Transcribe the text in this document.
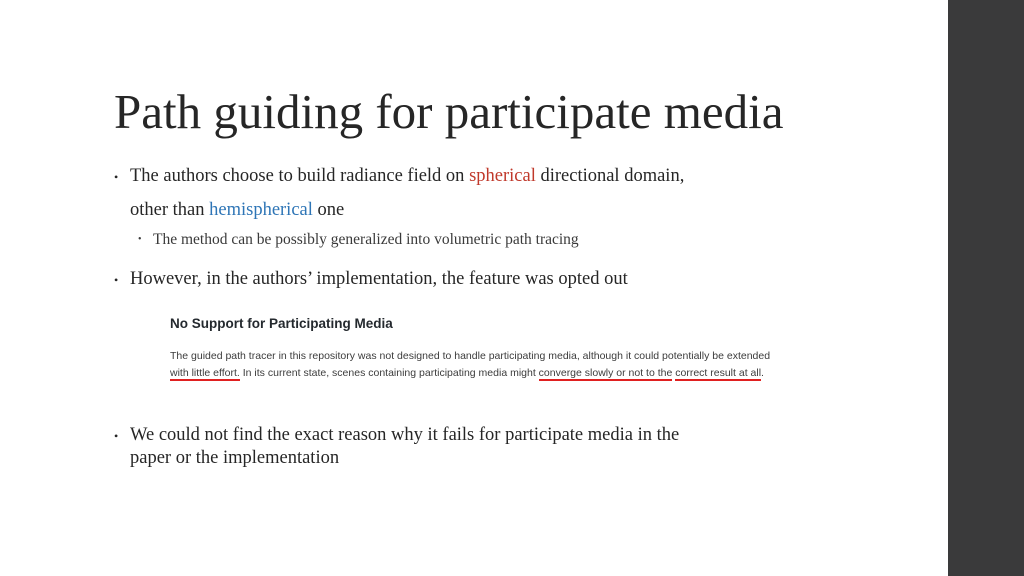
Path guiding for participate media
• The authors choose to build radiance field on spherical directional domain,
other than hemispherical one
• The method can be possibly generalized into volumetric path tracing
• However, in the authors’ implementation, the feature was opted out
No Support for Participating Media
The guided path tracer in this repository was not designed to handle participating media, although it could potentially be extended with little effort. In its current state, scenes containing participating media might converge slowly or not to the correct result at all.
• We could not find the exact reason why it fails for participate media in the
paper or the implementation
